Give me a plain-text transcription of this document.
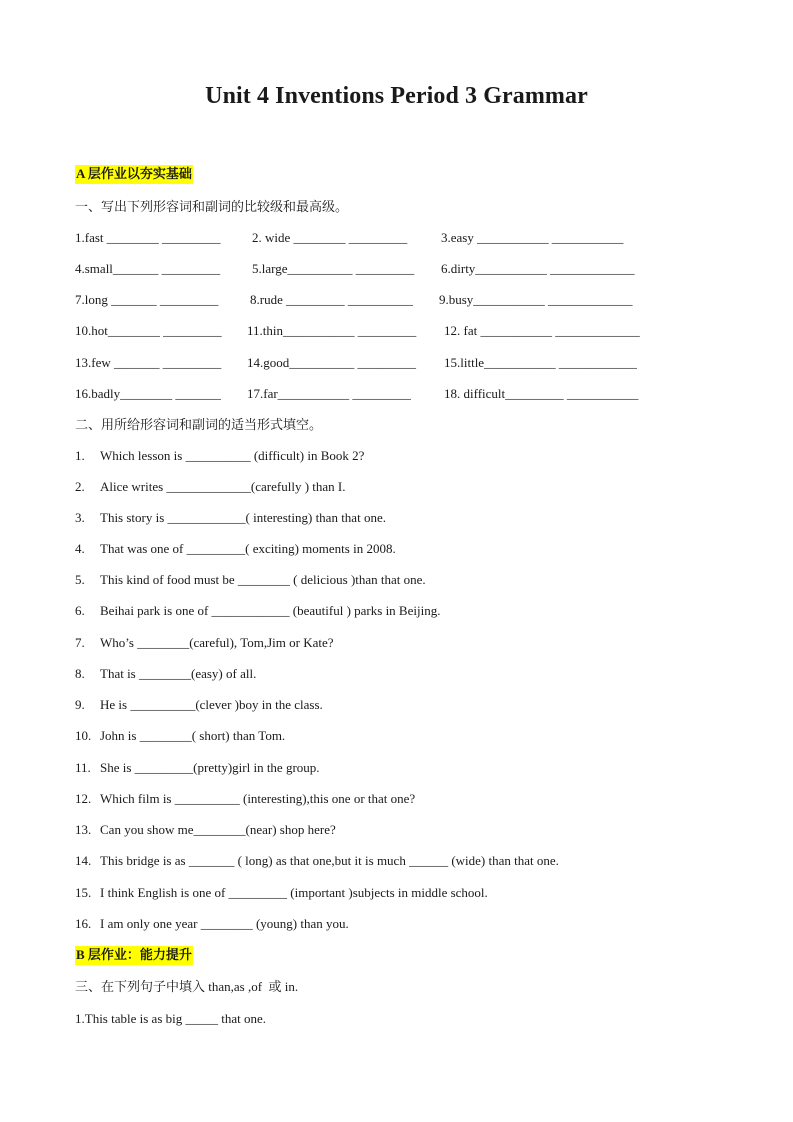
Unit 4 Inventions Period 3 Grammar
A 层作业以夯实基础
一、写出下列形容词和副词的比较级和最高级。
1.fast ________ _________ 2. wide ________ _________	3.easy ___________ ___________
4.small_______ _________ 5.large__________ _________ 6.dirty___________ _____________
7.long _______ _________ 8.rude _________ __________ 9.busy___________ _____________
10.hot________ _________ 11.thin___________ _________ 12. fat ___________ _____________
13.few _______ _________ 14.good__________ _________ 15.little___________ ____________
16.badly________ _______ 17.far___________ _________	18. difficult_________ ___________
二、用所给形容词和副词的适当形式填空。
1. Which lesson is __________ (difficult) in Book 2?
2. Alice writes _____________(carefully ) than I.
3. This story is ____________( interesting) than that one.
4. That was one of _________( exciting) moments in 2008.
5. This kind of food must be ________ ( delicious )than that one.
6. Beihai park is one of ____________ (beautiful ) parks in Beijing.
7. Who’s ________(careful), Tom,Jim or Kate?
8. That is ________(easy) of all.
9. He is __________(clever )boy in the class.
10. John is ________( short) than Tom.
11. She is _________(pretty)girl in the group.
12. Which film is __________ (interesting),this one or that one?
13. Can you show me________(near) shop here?
14. This bridge is as _______ ( long) as that one,but it is much ______ (wide) than that one.
15. I think English is one of _________ (important )subjects in middle school.
16. I am only one year ________ (young) than you.
B 层作业：能力提升
三、在下列句子中填入 than,as ,of  或 in.
1.This table is as big _____ that one.
